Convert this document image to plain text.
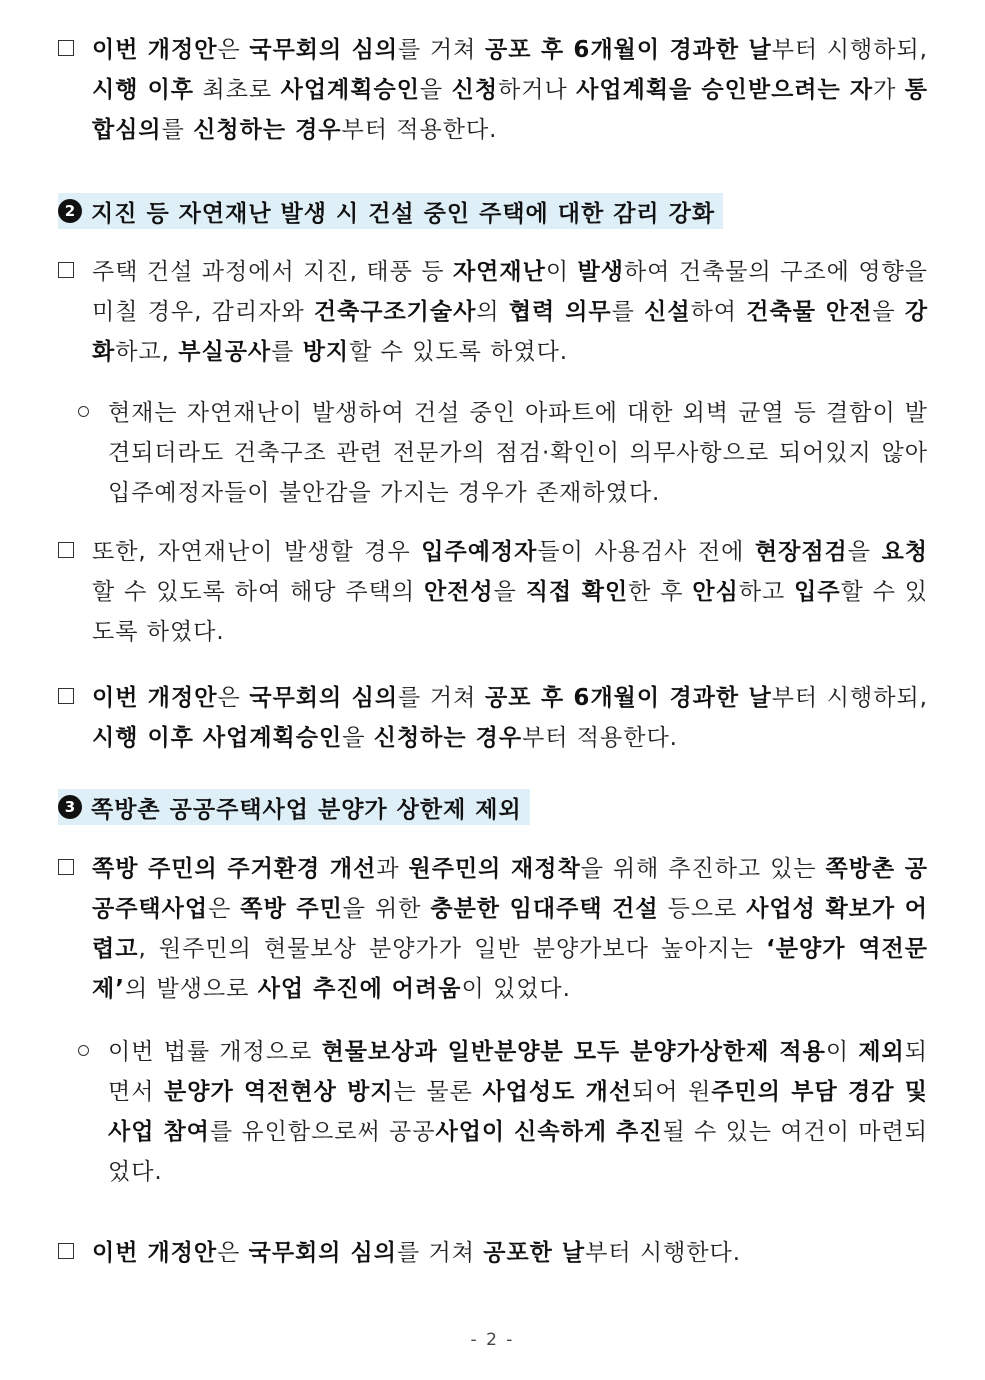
이번 개정안은 국무회의 심의를 거쳐 공포 후 6개월이 경과한 날부터 시행하되, 시행 이후 최초로 사업계획승인을 신청하거나 사업계획을 승인받으려는 자가 통합심의를 신청하는 경우부터 적용한다.
2 지진 등 자연재난 발생 시 건설 중인 주택에 대한 감리 강화
주택 건설 과정에서 지진, 태풍 등 자연재난이 발생하여 건축물의 구조에 영향을 미칠 경우, 감리자와 건축구조기술사의 협력 의무를 신설하여 건축물 안전을 강화하고, 부실공사를 방지할 수 있도록 하였다.
현재는 자연재난이 발생하여 건설 중인 아파트에 대한 외벽 균열 등 결함이 발견되더라도 건축구조 관련 전문가의 점검·확인이 의무사항으로 되어있지 않아 입주예정자들이 불안감을 가지는 경우가 존재하였다.
또한, 자연재난이 발생할 경우 입주예정자들이 사용검사 전에 현장점검을 요청할 수 있도록 하여 해당 주택의 안전성을 직접 확인한 후 안심하고 입주할 수 있도록 하였다.
이번 개정안은 국무회의 심의를 거쳐 공포 후 6개월이 경과한 날부터 시행하되, 시행 이후 사업계획승인을 신청하는 경우부터 적용한다.
3 쪽방촌 공공주택사업 분양가 상한제 제외
쪽방 주민의 주거환경 개선과 원주민의 재정착을 위해 추진하고 있는 쪽방촌 공공주택사업은 쪽방 주민을 위한 충분한 임대주택 건설 등으로 사업성 확보가 어렵고, 원주민의 현물보상 분양가가 일반 분양가보다 높아지는 ‘분양가 역전문제’의 발생으로 사업 추진에 어려움이 있었다.
이번 법률 개정으로 현물보상과 일반분양분 모두 분양가상한제 적용이 제외되면서 분양가 역전현상 방지는 물론 사업성도 개선되어 원주민의 부담 경감 및 사업 참여를 유인함으로써 공공사업이 신속하게 추진될 수 있는 여건이 마련되었다.
이번 개정안은 국무회의 심의를 거쳐 공포한 날부터 시행한다.
- 2 -
